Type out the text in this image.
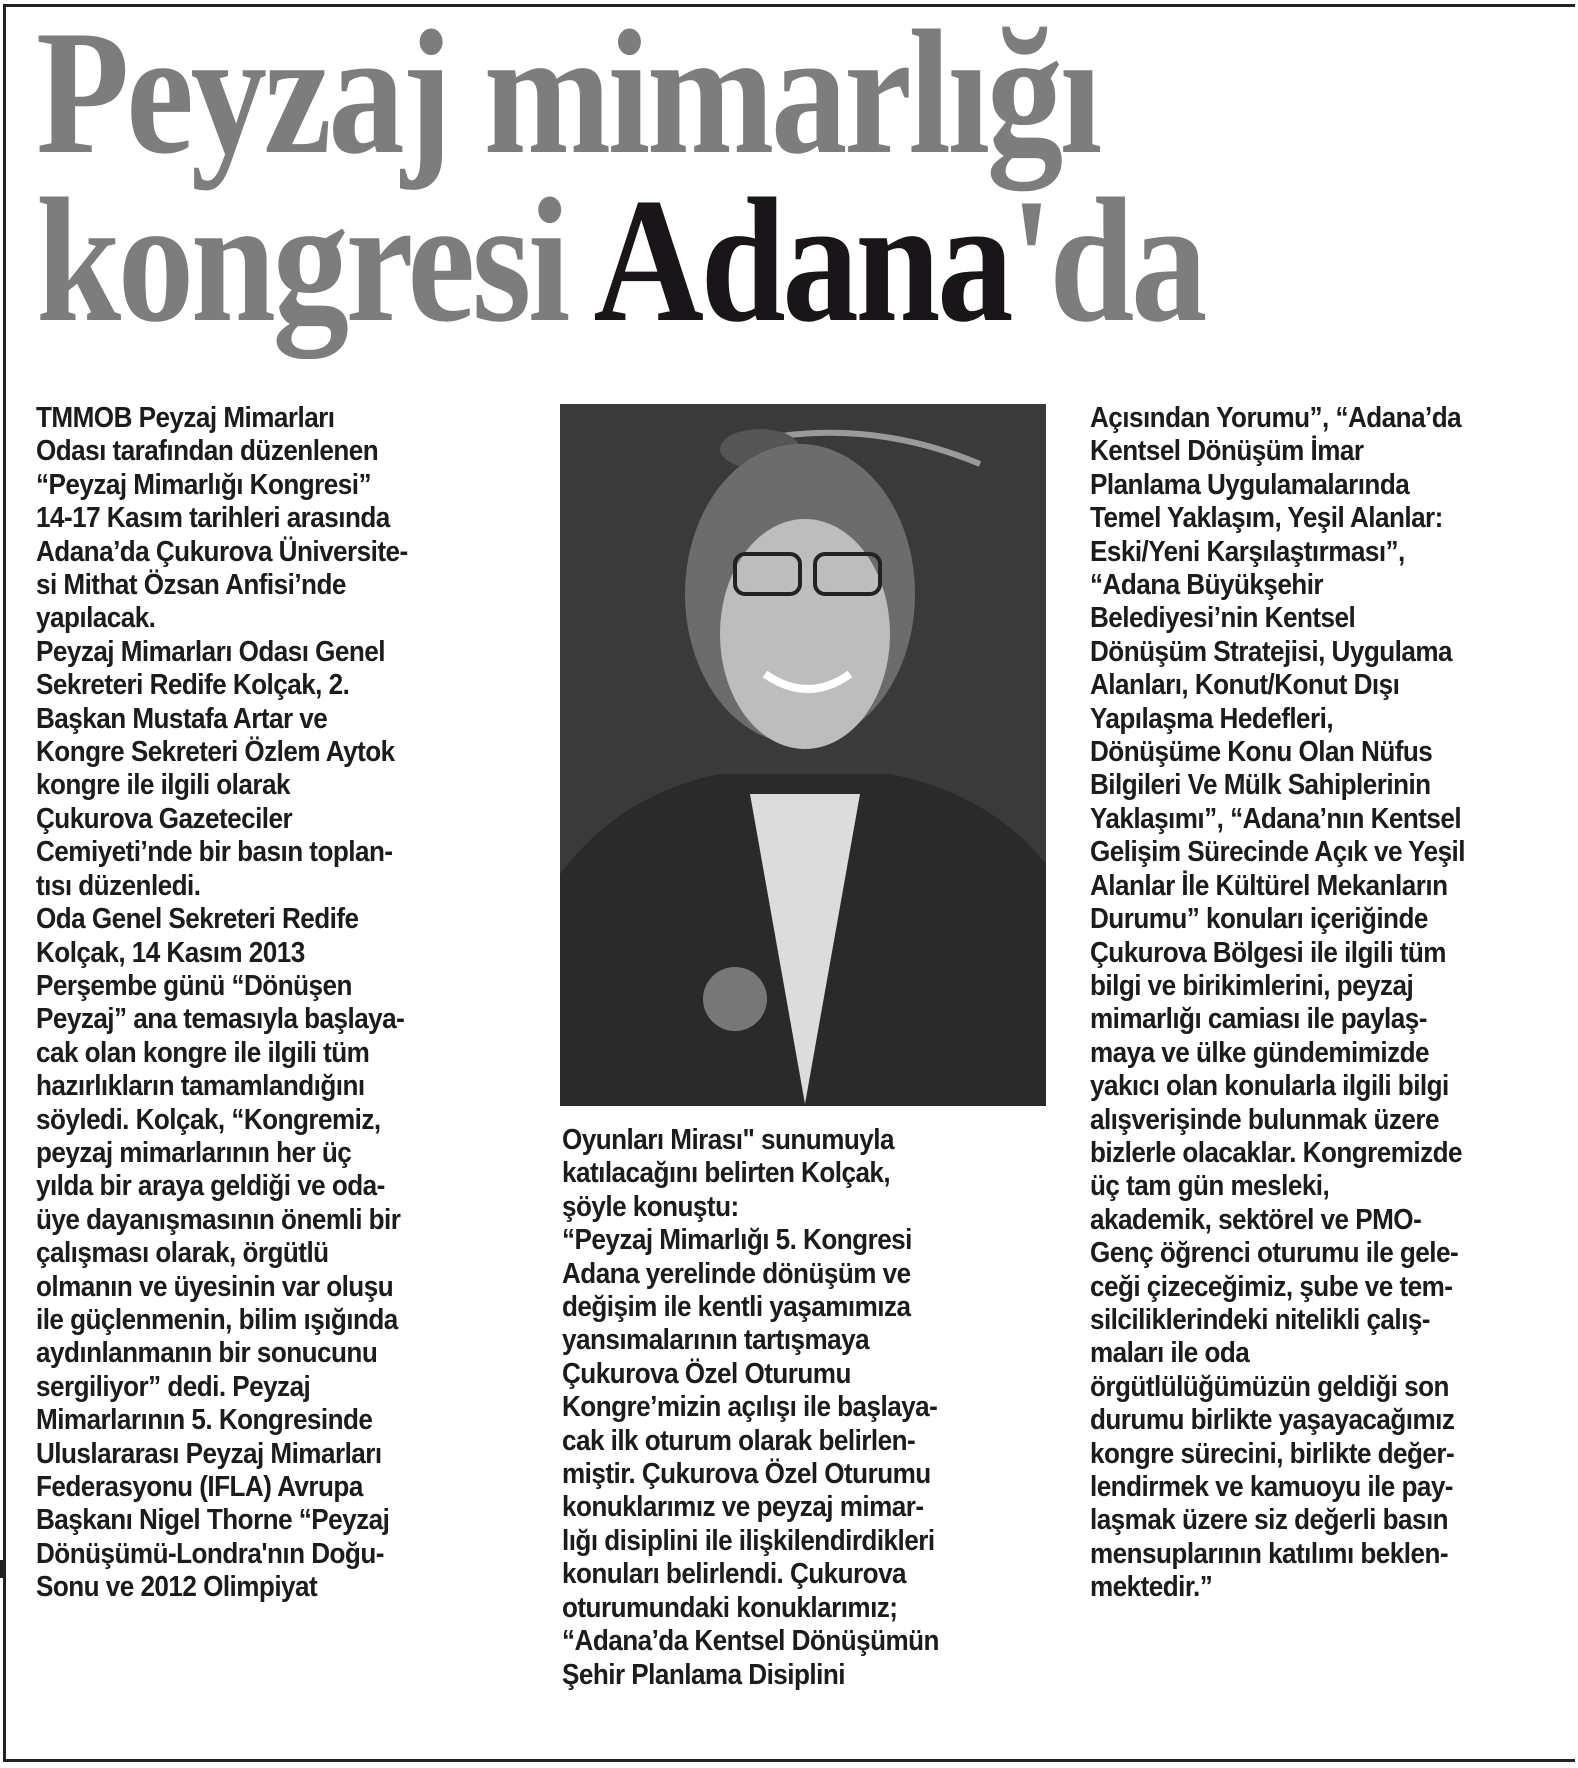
Peyzaj mimarlığı
kongresi Adana'da
TMMOB Peyzaj Mimarları
Odası tarafından düzenlenen
“Peyzaj Mimarlığı Kongresi”
14-17 Kasım tarihleri arasında
Adana’da Çukurova Üniversite-
si Mithat Özsan Anfisi’nde
yapılacak.
Peyzaj Mimarları Odası Genel
Sekreteri Redife Kolçak, 2.
Başkan Mustafa Artar ve
Kongre Sekreteri Özlem Aytok
kongre ile ilgili olarak
Çukurova Gazeteciler
Cemiyeti’nde bir basın toplan-
tısı düzenledi.
Oda Genel Sekreteri Redife
Kolçak, 14 Kasım 2013
Perşembe günü “Dönüşen
Peyzaj” ana temasıyla başlaya-
cak olan kongre ile ilgili tüm
hazırlıkların tamamlandığını
söyledi. Kolçak, “Kongremiz,
peyzaj mimarlarının her üç
yılda bir araya geldiği ve oda-
üye dayanışmasının önemli bir
çalışması olarak, örgütlü
olmanın ve üyesinin var oluşu
ile güçlenmenin, bilim ışığında
aydınlanmanın bir sonucunu
sergiliyor” dedi. Peyzaj
Mimarlarının 5. Kongresinde
Uluslararası Peyzaj Mimarları
Federasyonu (IFLA) Avrupa
Başkanı Nigel Thorne “Peyzaj
Dönüşümü-Londra'nın Doğu-
Sonu ve 2012 Olimpiyat
Oyunları Mirası" sunumuyla
katılacağını belirten Kolçak,
şöyle konuştu:
“Peyzaj Mimarlığı 5. Kongresi
Adana yerelinde dönüşüm ve
değişim ile kentli yaşamımıza
yansımalarının tartışmaya
Çukurova Özel Oturumu
Kongre’mizin açılışı ile başlaya-
cak ilk oturum olarak belirlen-
miştir. Çukurova Özel Oturumu
konuklarımız ve peyzaj mimar-
lığı disiplini ile ilişkilendirdikleri
konuları belirlendi. Çukurova
oturumundaki konuklarımız;
“Adana’da Kentsel Dönüşümün
Şehir Planlama Disiplini
Açısından Yorumu”, “Adana’da
Kentsel Dönüşüm İmar
Planlama Uygulamalarında
Temel Yaklaşım, Yeşil Alanlar:
Eski/Yeni Karşılaştırması”,
“Adana Büyükşehir
Belediyesi’nin Kentsel
Dönüşüm Stratejisi, Uygulama
Alanları, Konut/Konut Dışı
Yapılaşma Hedefleri,
Dönüşüme Konu Olan Nüfus
Bilgileri Ve Mülk Sahiplerinin
Yaklaşımı”, “Adana’nın Kentsel
Gelişim Sürecinde Açık ve Yeşil
Alanlar İle Kültürel Mekanların
Durumu” konuları içeriğinde
Çukurova Bölgesi ile ilgili tüm
bilgi ve birikimlerini, peyzaj
mimarlığı camiası ile paylaş-
maya ve ülke gündemimizde
yakıcı olan konularla ilgili bilgi
alışverişinde bulunmak üzere
bizlerle olacaklar. Kongremizde
üç tam gün mesleki,
akademik, sektörel ve PMO-
Genç öğrenci oturumu ile gele-
ceği çizeceğimiz, şube ve tem-
silciliklerindeki nitelikli çalış-
maları ile oda
örgütlülüğümüzün geldiği son
durumu birlikte yaşayacağımız
kongre sürecini, birlikte değer-
lendirmek ve kamuoyu ile pay-
laşmak üzere siz değerli basın
mensuplarının katılımı beklen-
mektedir.”
